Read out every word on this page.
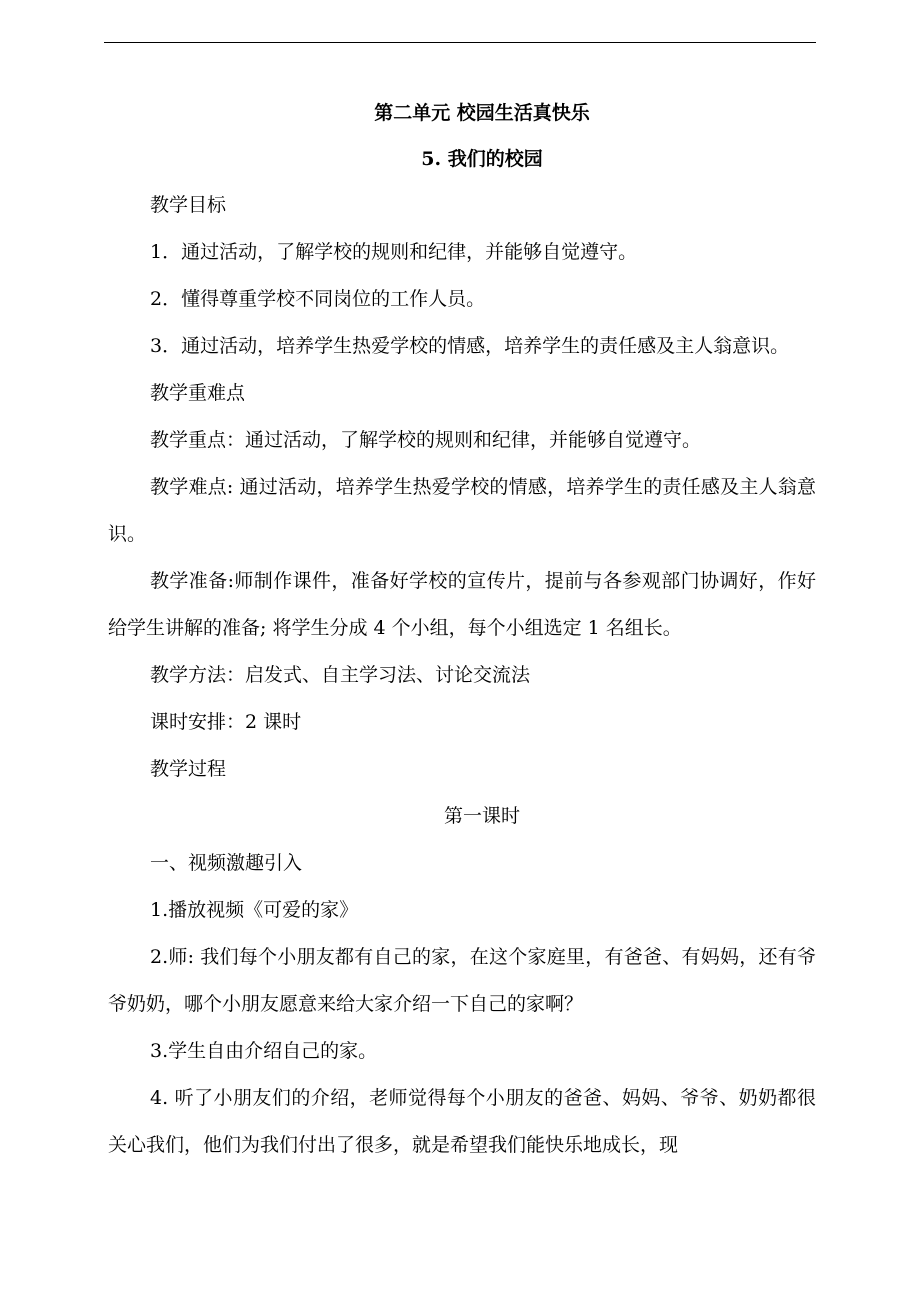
第二单元 校园生活真快乐
5. 我们的校园

教学目标

1．通过活动，了解学校的规则和纪律，并能够自觉遵守。

2．懂得尊重学校不同岗位的工作人员。

3．通过活动，培养学生热爱学校的情感，培养学生的责任感及主人翁意识。

教学重难点

教学重点：通过活动，了解学校的规则和纪律，并能够自觉遵守。

教学难点: 通过活动，培养学生热爱学校的情感，培养学生的责任感及主人翁意识。

教学准备:师制作课件，准备好学校的宣传片，提前与各参观部门协调好，作好给学生讲解的准备; 将学生分成 4 个小组，每个小组选定 1 名组长。

教学方法：启发式、自主学习法、讨论交流法

课时安排：2 课时

教学过程

第一课时

一、视频激趣引入

1.播放视频《可爱的家》

2.师: 我们每个小朋友都有自己的家，在这个家庭里，有爸爸、有妈妈，还有爷爷奶奶，哪个小朋友愿意来给大家介绍一下自己的家啊？

3.学生自由介绍自己的家。

4. 听了小朋友们的介绍，老师觉得每个小朋友的爸爸、妈妈、爷爷、奶奶都很关心我们，他们为我们付出了很多，就是希望我们能快乐地成长，现
